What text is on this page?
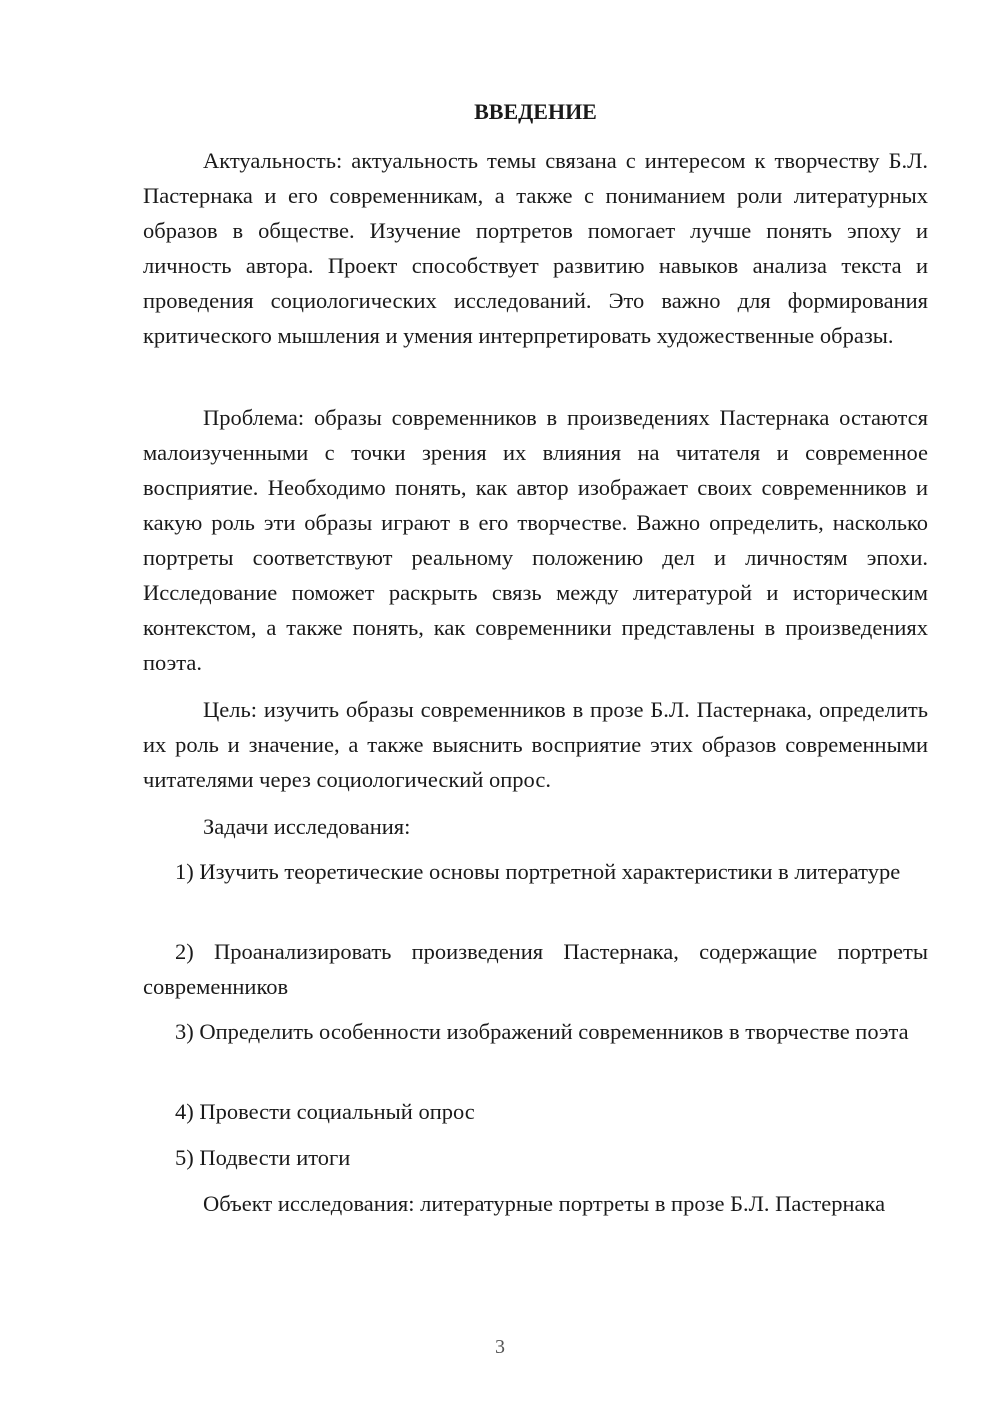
ВВЕДЕНИЕ

Актуальность: актуальность темы связана с интересом к творчеству Б.Л. Пастернака и его современникам, а также с пониманием роли литературных образов в обществе. Изучение портретов помогает лучше понять эпоху и личность автора. Проект способствует развитию навыков анализа текста и проведения социологических исследований. Это важно для формирования критического мышления и умения интерпретировать художественные образы.

Проблема: образы современников в произведениях Пастернака остаются малоизученными с точки зрения их влияния на читателя и современное восприятие. Необходимо понять, как автор изображает своих современников и какую роль эти образы играют в его творчестве. Важно определить, насколько портреты соответствуют реальному положению дел и личностям эпохи. Исследование поможет раскрыть связь между литературой и историческим контекстом, а также понять, как современники представлены в произведениях поэта.

Цель: изучить образы современников в прозе Б.Л. Пастернака, определить их роль и значение, а также выяснить восприятие этих образов современными читателями через социологический опрос.

Задачи исследования:

1) Изучить теоретические основы портретной характеристики в литературе

2) Проанализировать произведения Пастернака, содержащие портреты современников

3) Определить особенности изображений современников в творчестве поэта

4) Провести социальный опрос

5) Подвести итоги

Объект исследования: литературные портреты в прозе Б.Л. Пастернака

3
